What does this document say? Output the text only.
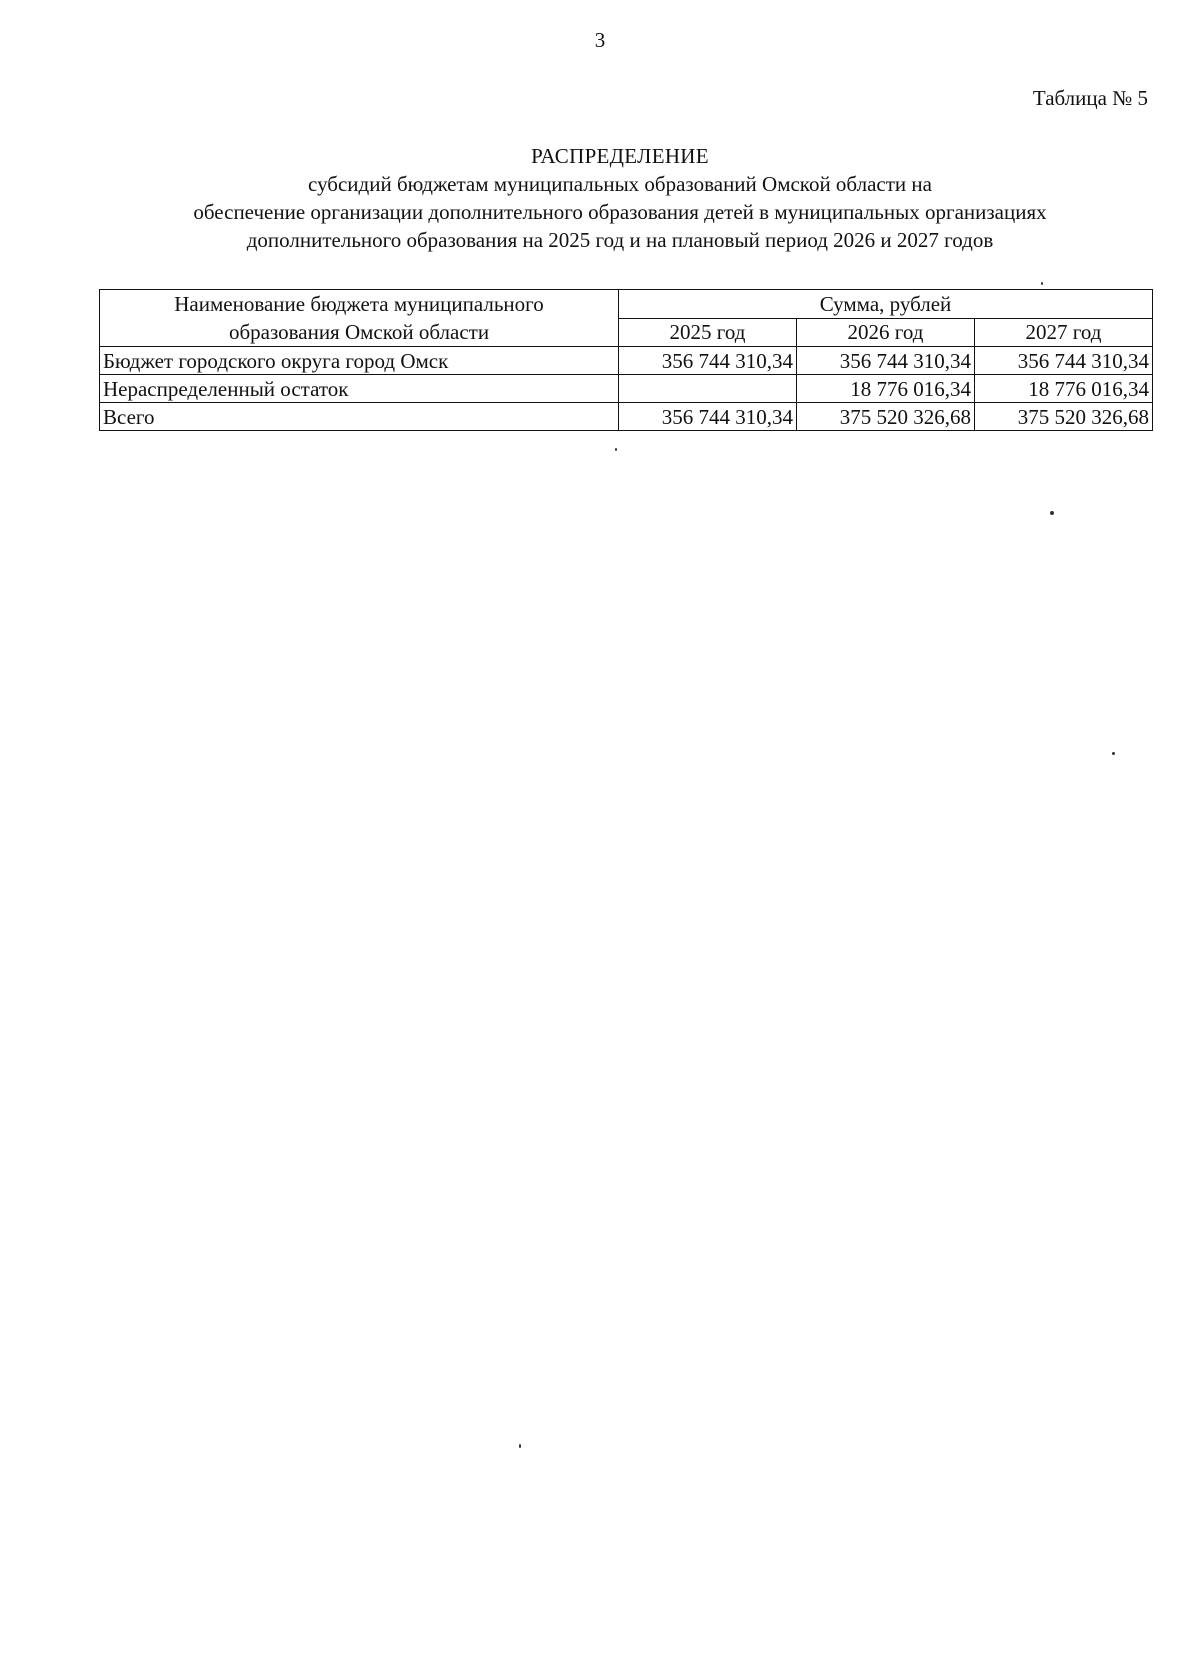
3
Таблица № 5
РАСПРЕДЕЛЕНИЕ
субсидий бюджетам муниципальных образований Омской области на
обеспечение организации дополнительного образования детей в муниципальных организациях
дополнительного образования на 2025 год и на плановый период 2026 и 2027 годов
Наименование бюджета муниципального
образования Омской области	Сумма, рублей		
	2025 год	2026 год	2027 год
Бюджет городского округа город Омск	356 744 310,34	356 744 310,34	356 744 310,34
Нераспределенный остаток		18 776 016,34	18 776 016,34
Всего	356 744 310,34	375 520 326,68	375 520 326,68
